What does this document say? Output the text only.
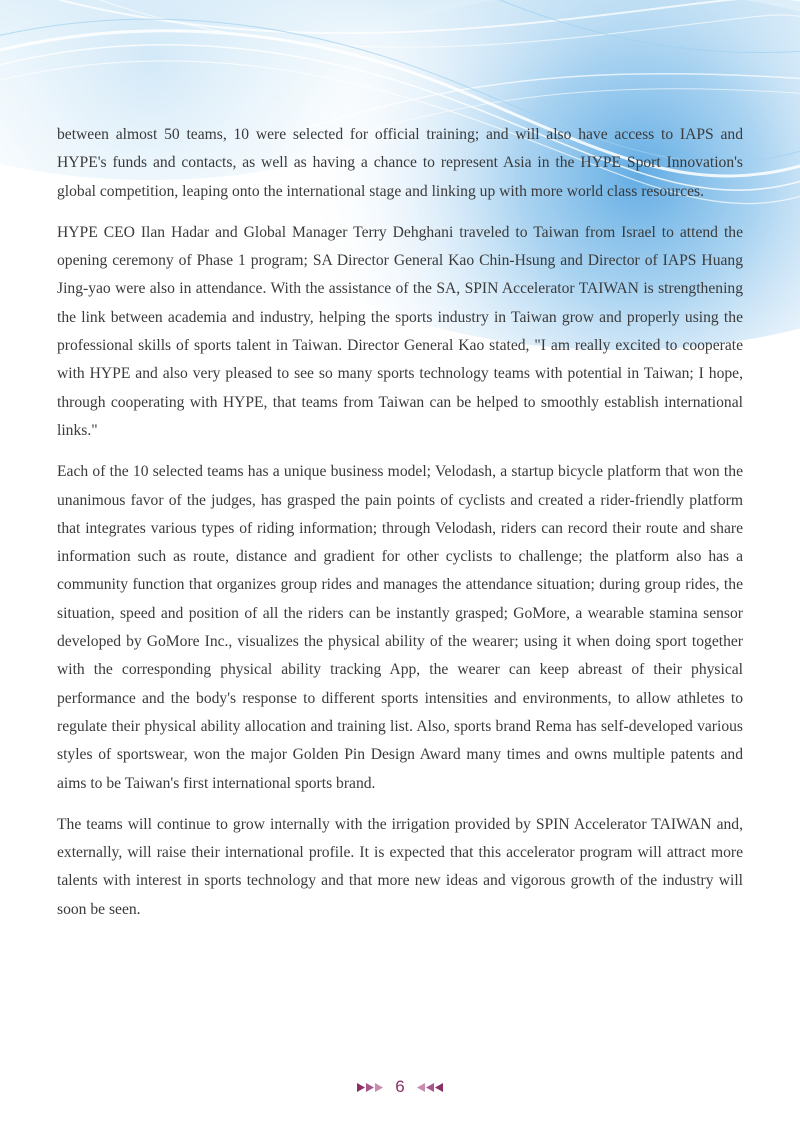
between almost 50 teams, 10 were selected for official training; and will also have access to IAPS and HYPE's funds and contacts, as well as having a chance to represent Asia in the HYPE Sport Innovation's global competition, leaping onto the international stage and linking up with more world class resources.

HYPE CEO Ilan Hadar and Global Manager Terry Dehghani traveled to Taiwan from Israel to attend the opening ceremony of Phase 1 program; SA Director General Kao Chin-Hsung and Director of IAPS Huang Jing-yao were also in attendance. With the assistance of the SA, SPIN Accelerator TAIWAN is strengthening the link between academia and industry, helping the sports industry in Taiwan grow and properly using the professional skills of sports talent in Taiwan. Director General Kao stated, "I am really excited to cooperate with HYPE and also very pleased to see so many sports technology teams with potential in Taiwan; I hope, through cooperating with HYPE, that teams from Taiwan can be helped to smoothly establish international links."

Each of the 10 selected teams has a unique business model; Velodash, a startup bicycle platform that won the unanimous favor of the judges, has grasped the pain points of cyclists and created a rider-friendly platform that integrates various types of riding information; through Velodash, riders can record their route and share information such as route, distance and gradient for other cyclists to challenge; the platform also has a community function that organizes group rides and manages the attendance situation; during group rides, the situation, speed and position of all the riders can be instantly grasped; GoMore, a wearable stamina sensor developed by GoMore Inc., visualizes the physical ability of the wearer; using it when doing sport together with the corresponding physical ability tracking App, the wearer can keep abreast of their physical performance and the body's response to different sports intensities and environments, to allow athletes to regulate their physical ability allocation and training list. Also, sports brand Rema has self-developed various styles of sportswear, won the major Golden Pin Design Award many times and owns multiple patents and aims to be Taiwan's first international sports brand.

The teams will continue to grow internally with the irrigation provided by SPIN Accelerator TAIWAN and, externally, will raise their international profile. It is expected that this accelerator program will attract more talents with interest in sports technology and that more new ideas and vigorous growth of the industry will soon be seen.

6
